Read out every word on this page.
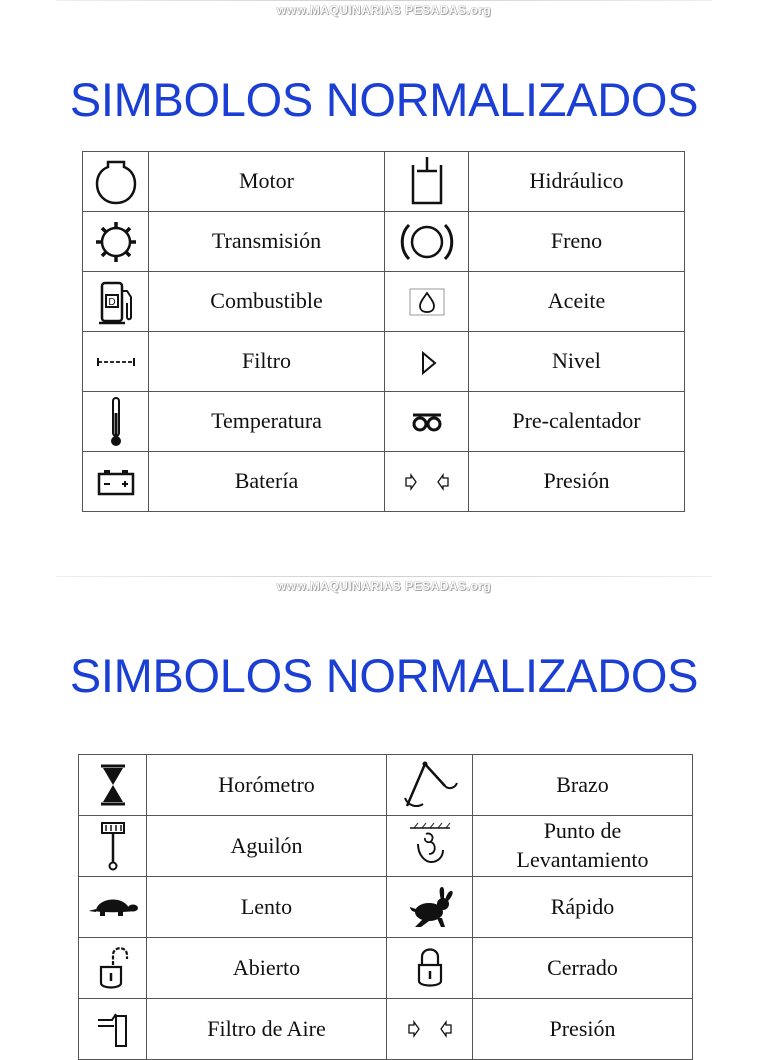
www.MAQUINARIAS PESADAS.org
SIMBOLOS NORMALIZADOS
	Motor		Hidráulico

	Transmisión		Freno

D	Combustible		Aceite

	Filtro		Nivel

	Temperatura		Pre-calentador

	Batería		Presión
www.MAQUINARIAS PESADAS.org
SIMBOLOS NORMALIZADOS
	Horómetro		Brazo

	Aguilón		Punto de
Levantamiento

	Lento		Rápido

	Abierto		Cerrado

	Filtro de Aire		Presión
